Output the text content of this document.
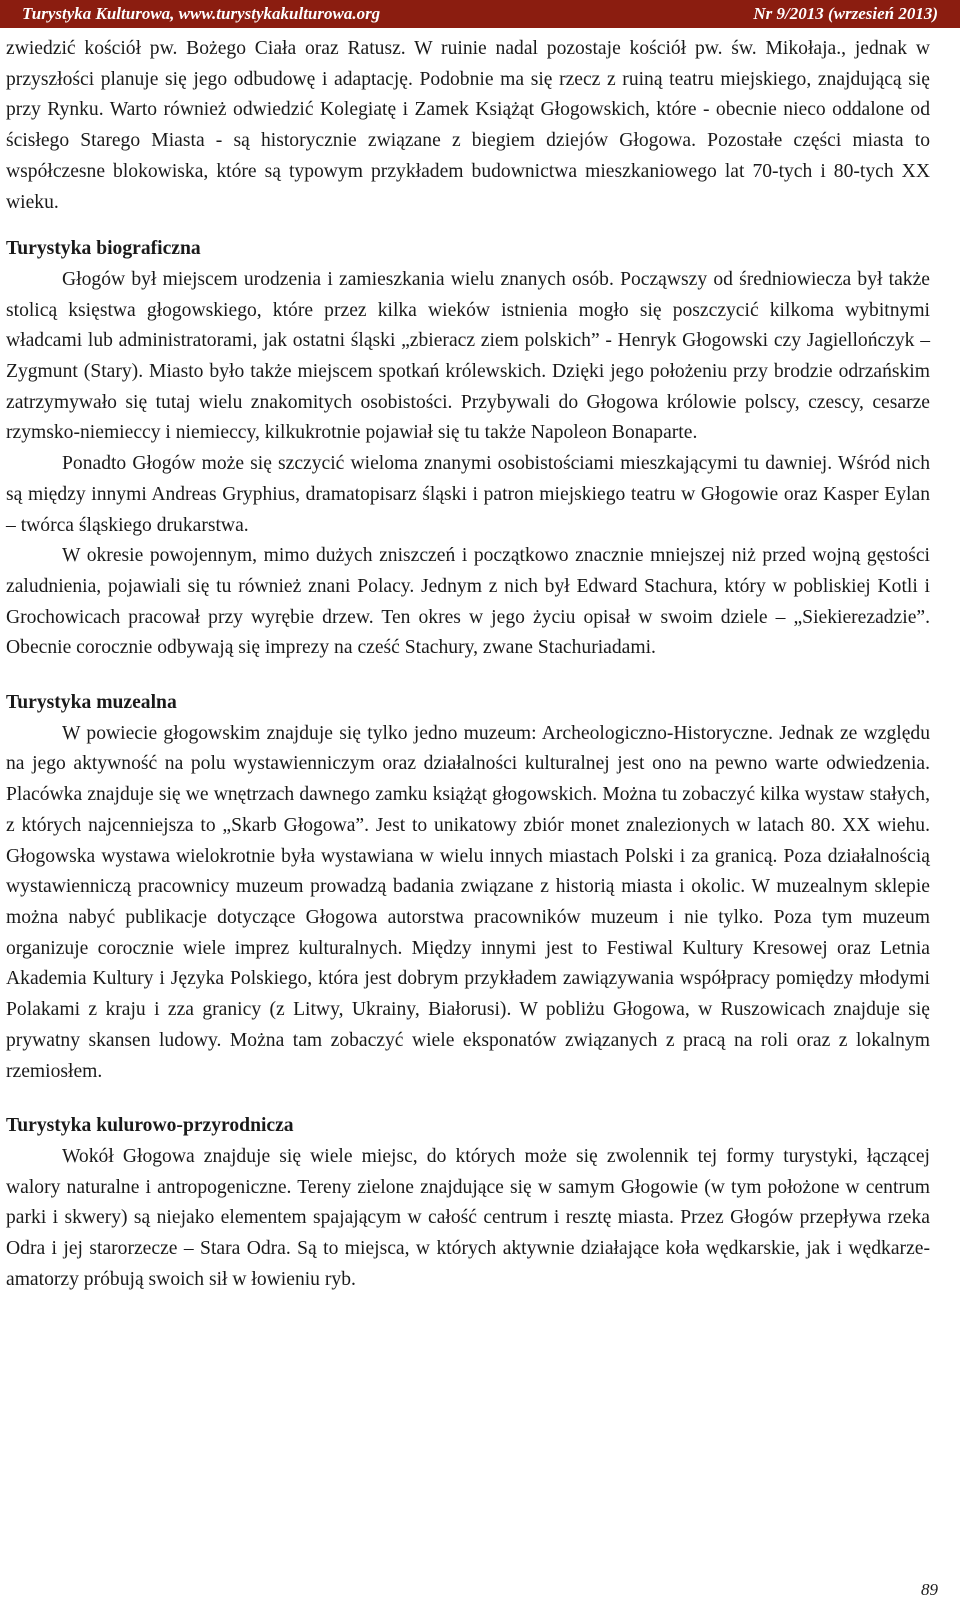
Turystyka Kulturowa, www.turystykakulturowa.org	Nr 9/2013 (wrzesień 2013)

zwiedzić kościół pw. Bożego Ciała oraz Ratusz. W ruinie nadal pozostaje kościół pw. św. Mikołaja., jednak w przyszłości planuje się jego odbudowę i adaptację. Podobnie ma się rzecz z ruiną teatru miejskiego, znajdującą się przy Rynku. Warto również odwiedzić Kolegiatę i Zamek Książąt Głogowskich, które - obecnie nieco oddalone od ścisłego Starego Miasta - są historycznie związane z biegiem dziejów Głogowa. Pozostałe części miasta to współczesne blokowiska, które są typowym przykładem budownictwa mieszkaniowego lat 70-tych i 80-tych XX wieku.

Turystyka biograficzna

Głogów był miejscem urodzenia i zamieszkania wielu znanych osób. Począwszy od średniowiecza był także stolicą księstwa głogowskiego, które przez kilka wieków istnienia mogło się poszczycić kilkoma wybitnymi władcami lub administratorami, jak ostatni śląski „zbieracz ziem polskich” - Henryk Głogowski czy Jagiellończyk – Zygmunt (Stary). Miasto było także miejscem spotkań królewskich. Dzięki jego położeniu przy brodzie odrzańskim zatrzymywało się tutaj wielu znakomitych osobistości. Przybywali do Głogowa królowie polscy, czescy, cesarze rzymsko-niemieccy i niemieccy, kilkukrotnie pojawiał się tu także Napoleon Bonaparte.

Ponadto Głogów może się szczycić wieloma znanymi osobistościami mieszkającymi tu dawniej. Wśród nich są między innymi Andreas Gryphius, dramatopisarz śląski i patron miejskiego teatru w Głogowie oraz Kasper Eylan – twórca śląskiego drukarstwa.

W okresie powojennym, mimo dużych zniszczeń i początkowo znacznie mniejszej niż przed wojną gęstości zaludnienia, pojawiali się tu również znani Polacy. Jednym z nich był Edward Stachura, który w pobliskiej Kotli i Grochowicach pracował przy wyrębie drzew. Ten okres w jego życiu opisał w swoim dziele – „Siekierezadzie”. Obecnie corocznie odbywają się imprezy na cześć Stachury, zwane Stachuriadami.

Turystyka muzealna

W powiecie głogowskim znajduje się tylko jedno muzeum: Archeologiczno-Historyczne. Jednak ze względu na jego aktywność na polu wystawienniczym oraz działalności kulturalnej jest ono na pewno warte odwiedzenia. Placówka znajduje się we wnętrzach dawnego zamku książąt głogowskich. Można tu zobaczyć kilka wystaw stałych, z których najcenniejsza to „Skarb Głogowa”. Jest to unikatowy zbiór monet znalezionych w latach 80. XX wiehu. Głogowska wystawa wielokrotnie była wystawiana w wielu innych miastach Polski i za granicą. Poza działalnością wystawienniczą pracownicy muzeum prowadzą badania związane z historią miasta i okolic. W muzealnym sklepie można nabyć publikacje dotyczące Głogowa autorstwa pracowników muzeum i nie tylko. Poza tym muzeum organizuje corocznie wiele imprez kulturalnych. Między innymi jest to Festiwal Kultury Kresowej oraz Letnia Akademia Kultury i Języka Polskiego, która jest dobrym przykładem zawiązywania współpracy pomiędzy młodymi Polakami z kraju i zza granicy (z Litwy, Ukrainy, Białorusi). W pobliżu Głogowa, w Ruszowicach znajduje się prywatny skansen ludowy. Można tam zobaczyć wiele eksponatów związanych z pracą na roli oraz z lokalnym rzemiosłem.

Turystyka kulurowo-przyrodnicza

Wokół Głogowa znajduje się wiele miejsc, do których może się zwolennik tej formy turystyki, łączącej walory naturalne i antropogeniczne. Tereny zielone znajdujące się w samym Głogowie (w tym położone w centrum parki i skwery) są niejako elementem spajającym w całość centrum i resztę miasta. Przez Głogów przepływa rzeka Odra i jej starorzecze – Stara Odra. Są to miejsca, w których aktywnie działające koła wędkarskie, jak i wędkarze-amatorzy próbują swoich sił w łowieniu ryb.

89
